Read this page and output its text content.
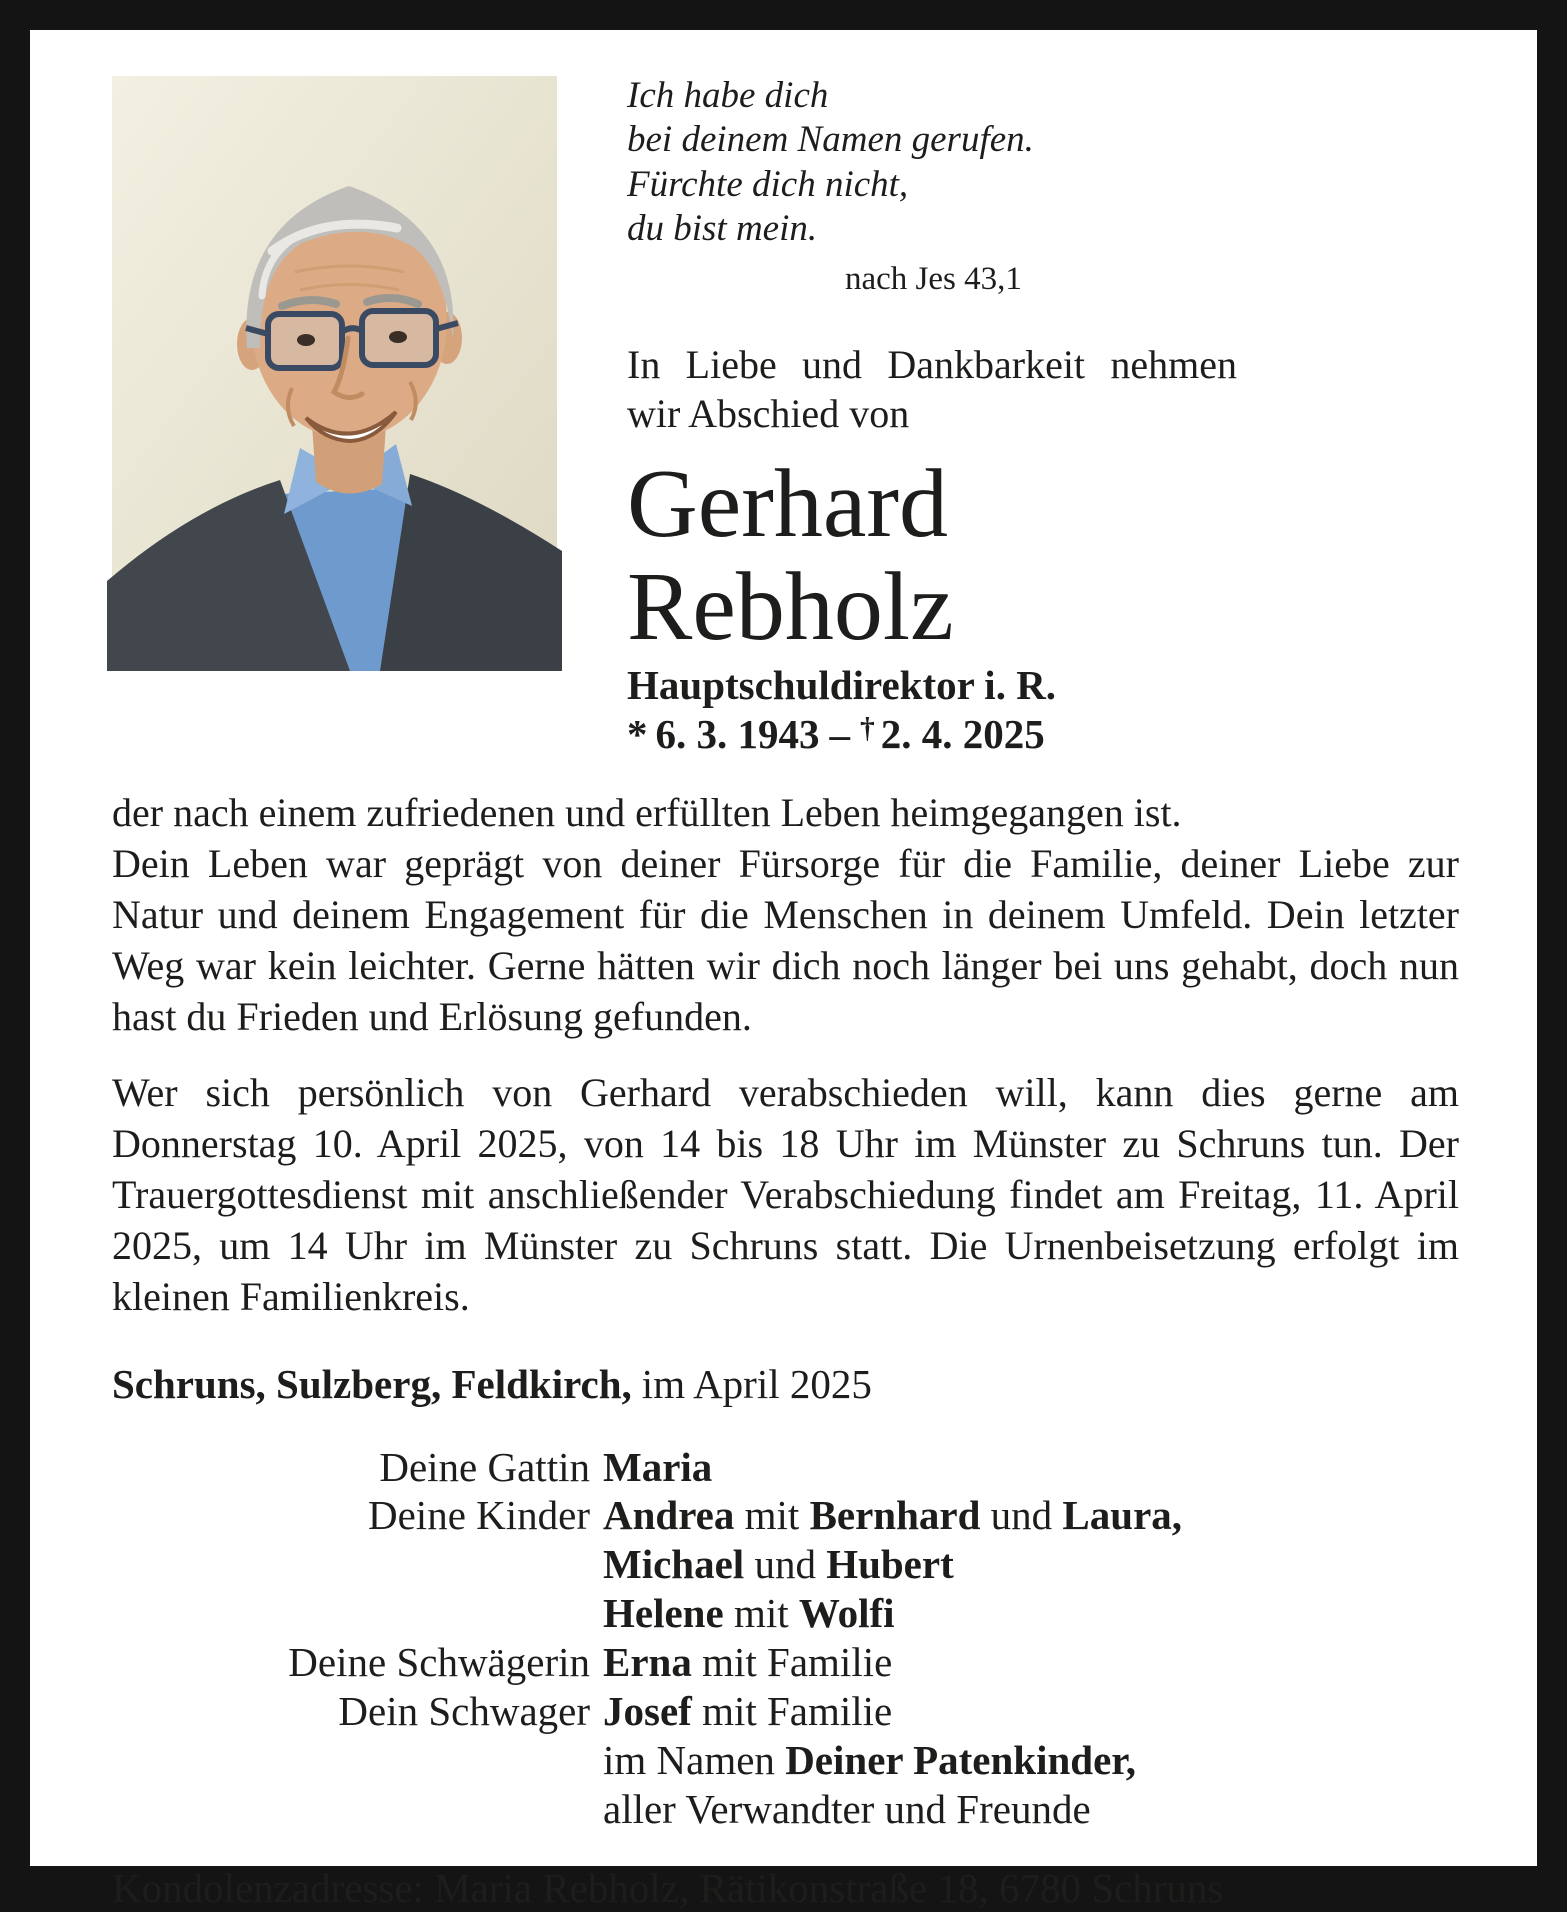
Ich habe dich
bei deinem Namen gerufen.
Fürchte dich nicht,
du bist mein.
nach Jes 43,1
In Liebe und Dankbarkeit nehmen wir Abschied von
Gerhard
Rebholz
Hauptschuldirektor i. R.
* 6. 3. 1943 – † 2. 4. 2025

der nach einem zufriedenen und erfüllten Leben heimgegangen ist.

Dein Leben war geprägt von deiner Fürsorge für die Familie, deiner Liebe zur Natur und deinem Engagement für die Menschen in deinem Umfeld. Dein letzter Weg war kein leichter. Gerne hätten wir dich noch länger bei uns gehabt, doch nun hast du Frieden und Erlösung gefunden.

Wer sich persönlich von Gerhard verabschieden will, kann dies gerne am Donnerstag 10. April 2025, von 14 bis 18 Uhr im Münster zu Schruns tun. Der Trauergottesdienst mit anschließender Verabschiedung findet am Freitag, 11. April 2025, um 14 Uhr im Münster zu Schruns statt. Die Urnenbeisetzung erfolgt im kleinen Familienkreis.

Schruns, Sulzberg, Feldkirch, im April 2025
Deine Gattin Maria
Deine Kinder Andrea mit Bernhard und Laura,
Michael und Hubert
Helene mit Wolfi
Deine Schwägerin Erna mit Familie
Dein Schwager Josef mit Familie
im Namen Deiner Patenkinder,
aller Verwandter und Freunde
Kondolenzadresse: Maria Rebholz, Rätikonstraße 18, 6780 Schruns
